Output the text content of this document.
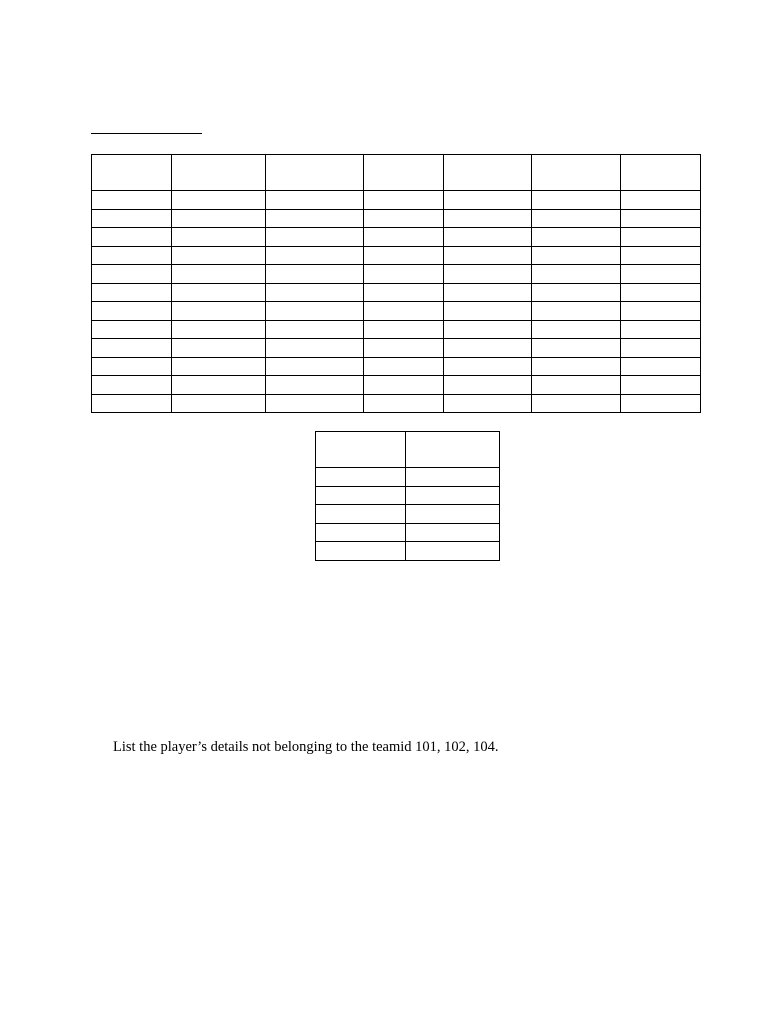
List the player’s details not belonging to the teamid 101, 102, 104.
